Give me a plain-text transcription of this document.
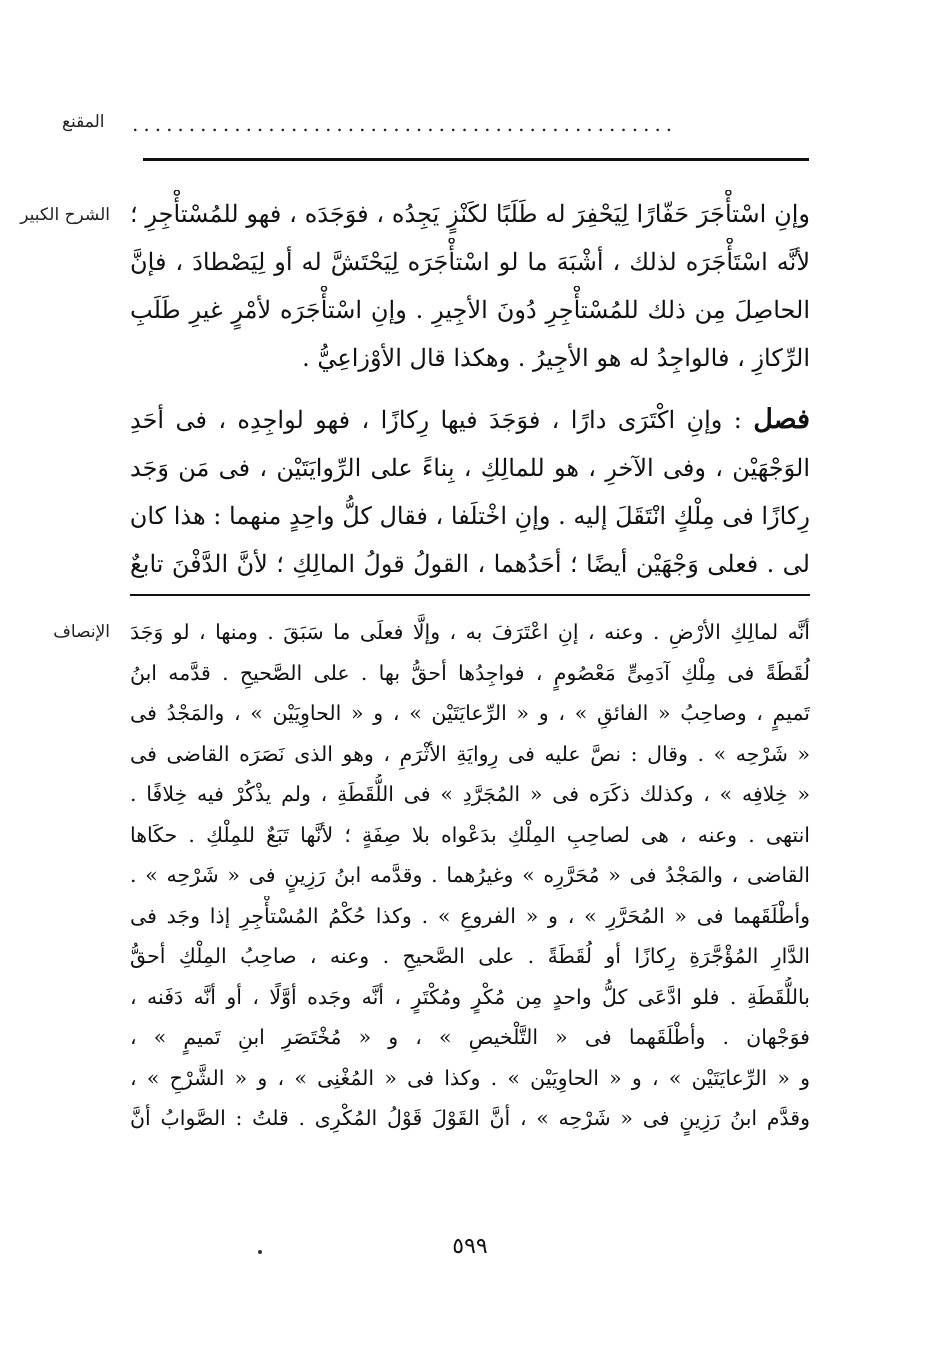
المقنع ................................................
الشرح الكبير وإنِ اسْتأْجَرَ حَفّارًا لِيَحْفِرَ له طَلَبًا لكَنْزٍ يَجِدُه ، فوَجَدَه ، فهو للمُسْتأْجِرِ ؛
لأنَّه اسْتَأْجَرَه لذلك ، أشْبَهَ ما لو اسْتأْجَرَه لِيَحْتَشَّ له أو لِيَصْطادَ ، فإنَّ
الحاصِلَ مِن ذلك للمُسْتأْجِرِ دُونَ الأجِيرِ . وإنِ اسْتأْجَرَه لأمْرٍ غيرِ طَلَبِ
الرِّكازِ ، فالواجِدُ له هو الأجِيرُ . وهكذا قال الأوْزاعِيُّ .
فصل : وإنِ اكْتَرَى دارًا ، فوَجَدَ فيها رِكازًا ، فهو لواجِدِه ، فى أحَدِ
الوَجْهَيْن ، وفى الآخرِ ، هو للمالِكِ ، بِناءً على الرِّوايَتَيْن ، فى مَن وَجَد
رِكازًا فى مِلْكٍ انْتَقَلَ إليه . وإنِ اخْتلَفا ، فقال كلُّ واحِدٍ منهما : هذا كان
لى . فعلى وَجْهَيْن أيضًا ؛ أحَدُهما ، القولُ قولُ المالِكِ ؛ لأنَّ الدَّفْنَ تابعٌ
الإنصاف أنَّه لمالِكِ الأرْضِ . وعنه ، إنِ اعْتَرَفَ به ، وإلَّا فعلَى ما سَبَقَ . ومنها ، لو وَجَدَ
لُقَطَةً فى مِلْكِ آدَمِىٍّ مَعْصُومٍ ، فواجِدُها أحقُّ بها . على الصَّحيحِ . قدَّمه ابنُ
تَميمٍ ، وصاحِبُ « الفائقِ » ، و « الرِّعايَتَيْن » ، و « الحاوِيَيْن » ، والمَجْدُ فى
« شَرْحِه » . وقال : نصَّ عليه فى رِوايَةِ الأثْرَمِ ، وهو الذى نَصَرَه القاضى فى
« خِلافِه » ، وكذلك ذكَرَه فى « المُجَرَّدِ » فى اللُّقَطَةِ ، ولم يذْكُرْ فيه خِلافًا .
انتهى . وعنه ، هى لصاحِبِ المِلْكِ بدَعْواه بلا صِفَةٍ ؛ لأنَّها تَبَعٌ للمِلْكِ . حكَاها
القاضى ، والمَجْدُ فى « مُحَرَّرِه » وغيرُهما . وقدَّمه ابنُ رَزِينٍ فى « شَرْحِه » .
وأطْلَقَهما فى « المُحَرَّرِ » ، و « الفروعِ » . وكذا حُكْمُ المُسْتأْجِرِ إذا وجَد فى
الدَّارِ المُؤْجَّرَةِ رِكازًا أو لُقَطَةً . على الصَّحيحِ . وعنه ، صاحِبُ المِلْكِ أحقُّ
باللُّقَطَةِ . فلو ادَّعَى كلُّ واحدٍ مِن مُكْرٍ ومُكْتَرٍ ، أنَّه وجَده أوَّلًا ، أو أنَّه دَفَنه ،
فوَجْهان . وأطْلَقَهما فى « التَّلْخيصِ » ، و « مُخْتَصَرِ ابنِ تَميمٍ » ،
و « الرِّعايَتَيْن » ، و « الحاوِيَيْن » . وكذا فى « المُغْنِى » ، و « الشَّرْحِ » ،
وقدَّم ابنُ رَزِينٍ فى « شَرْحِه » ، أنَّ القَوْلَ قَوْلُ المُكْرِى . قلتُ : الصَّوابُ أنَّ
٥٩٩
